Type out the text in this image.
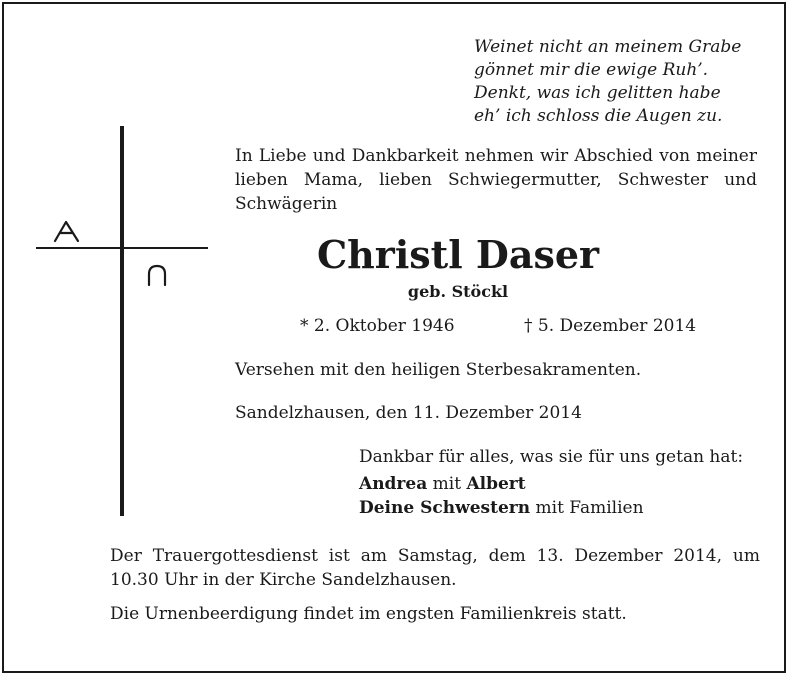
Weinet nicht an meinem Grabe
gönnet mir die ewige Ruh’.
Denkt, was ich gelitten habe
eh’ ich schloss die Augen zu.
In Liebe und Dankbarkeit nehmen wir Abschied von meiner lieben Mama, lieben Schwiegermutter, Schwester und Schwägerin
Christl Daser
geb. Stöckl
* 2. Oktober 1946	† 5. Dezember 2014
Versehen mit den heiligen Sterbesakramenten.
Sandelzhausen, den 11. Dezember 2014
Dankbar für alles, was sie für uns getan hat:
Andrea mit Albert
Deine Schwestern mit Familien
Der Trauergottesdienst ist am Samstag, dem 13. Dezember 2014, um 10.30 Uhr in der Kirche Sandelzhausen.
Die Urnenbeerdigung findet im engsten Familienkreis statt.
